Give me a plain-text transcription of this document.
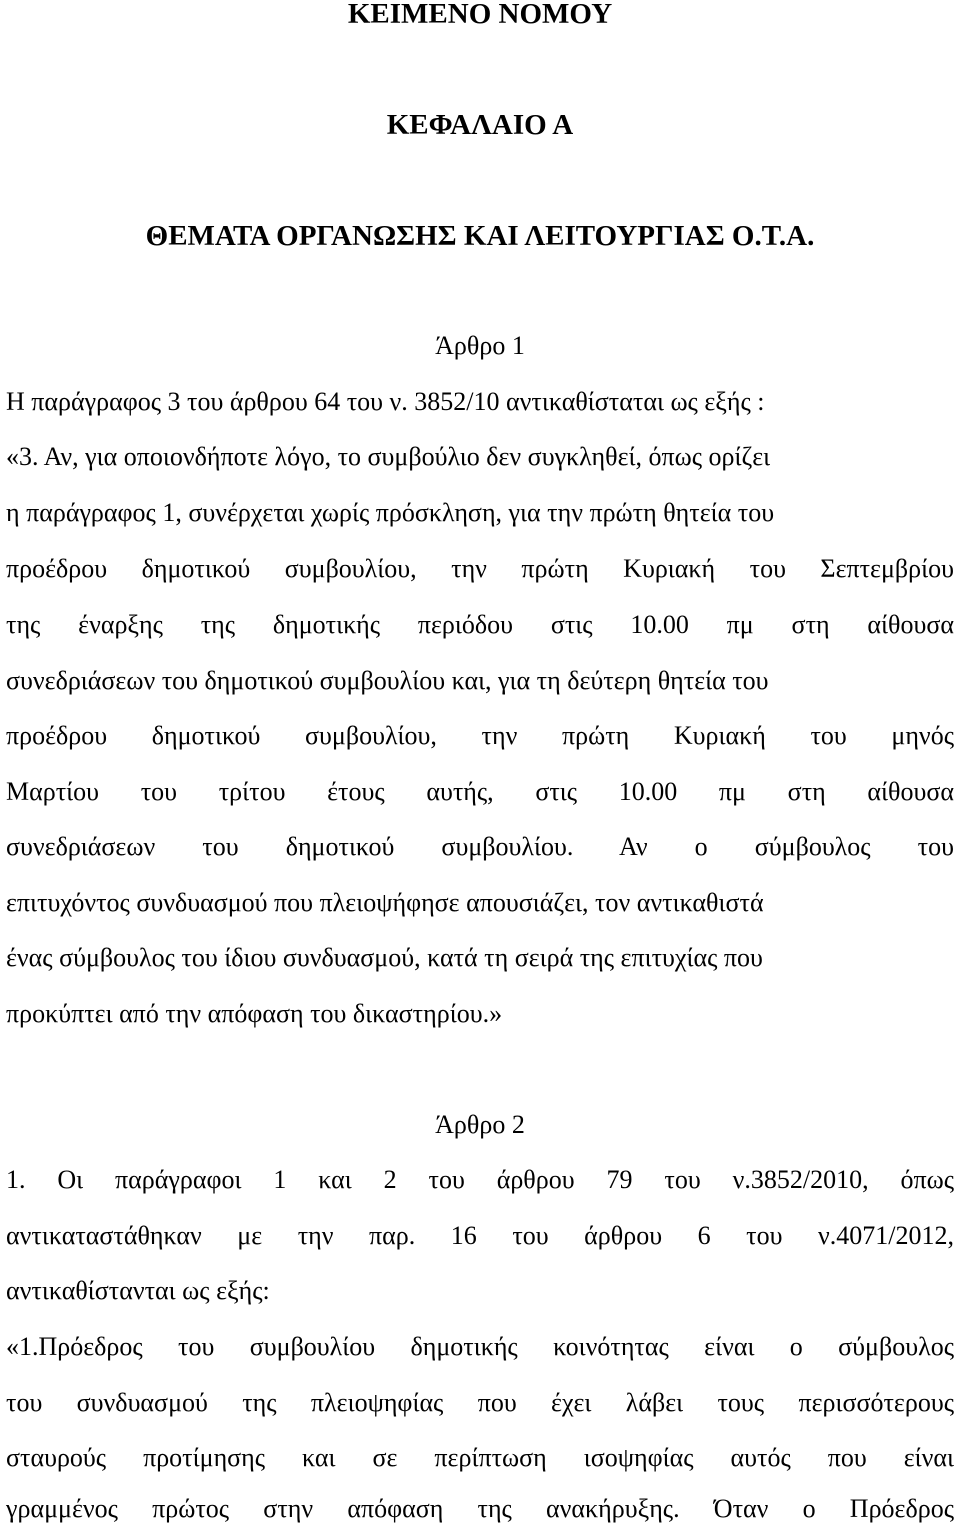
ΚΕΙΜΕΝΟ ΝΟΜΟΥ
ΚΕΦΑΛΑΙΟ Α
ΘΕΜΑΤΑ ΟΡΓΑΝΩΣΗΣ ΚΑΙ ΛΕΙΤΟΥΡΓΙΑΣ Ο.Τ.Α.
Άρθρο 1
Η παράγραφος 3 του άρθρου 64 του ν. 3852/10 αντικαθίσταται ως εξής :
«3. Αν, για οποιονδήποτε λόγο, το συμβούλιο δεν συγκληθεί, όπως ορίζει
η παράγραφος 1, συνέρχεται χωρίς πρόσκληση, για την πρώτη θητεία του
προέδρου δημοτικού συμβουλίου, την πρώτη Κυριακή του Σεπτεμβρίου
της έναρξης της δημοτικής περιόδου στις 10.00 πμ στη αίθουσα
συνεδριάσεων του δημοτικού συμβουλίου και, για τη δεύτερη θητεία του
προέδρου δημοτικού συμβουλίου, την πρώτη Κυριακή του μηνός
Μαρτίου του τρίτου έτους αυτής, στις 10.00 πμ στη αίθουσα
συνεδριάσεων του δημοτικού συμβουλίου. Αν ο σύμβουλος του
επιτυχόντος συνδυασμού που πλειοψήφησε απουσιάζει, τον αντικαθιστά
ένας σύμβουλος του ίδιου συνδυασμού, κατά τη σειρά της επιτυχίας που
προκύπτει από την απόφαση του δικαστηρίου.»
Άρθρο 2
1. Οι παράγραφοι 1 και 2 του άρθρου 79 του ν.3852/2010, όπως
αντικαταστάθηκαν με την παρ. 16 του άρθρου 6 του ν.4071/2012,
αντικαθίστανται ως εξής:
«1.Πρόεδρος του συμβουλίου δημοτικής κοινότητας είναι ο σύμβουλος
του συνδυασμού της πλειοψηφίας που έχει λάβει τους περισσότερους
σταυρούς προτίμησης και σε περίπτωση ισοψηφίας αυτός που είναι
γραμμένος πρώτος στην απόφαση της ανακήρυξης. Όταν ο Πρόεδρος
